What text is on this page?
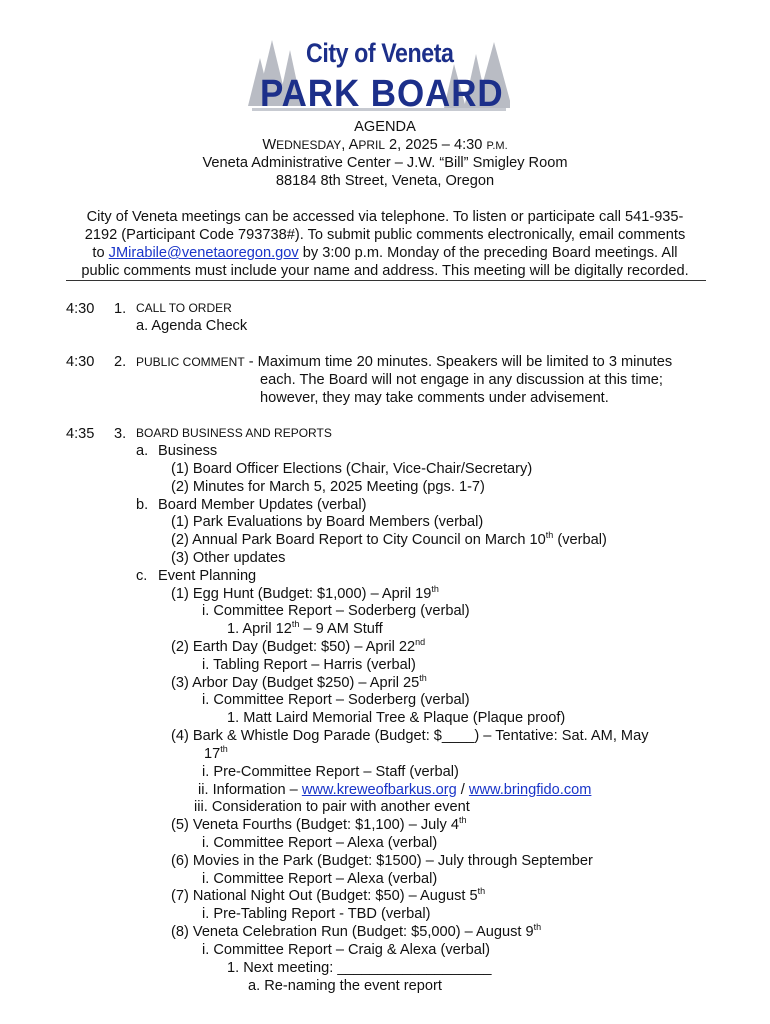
City of Veneta
PARK BOARD
AGENDA
WEDNESDAY, APRIL 2, 2025 – 4:30 P.M.
Veneta Administrative Center – J.W. “Bill” Smigley Room
88184 8th Street, Veneta, Oregon
City of Veneta meetings can be accessed via telephone. To listen or participate call 541-935-
2192 (Participant Code 793738#). To submit public comments electronically, email comments
to JMirabile@venetaoregon.gov by 3:00 p.m. Monday of the preceding Board meetings. All
public comments must include your name and address. This meeting will be digitally recorded.
4:30 1. CALL TO ORDER
a. Agenda Check
4:30 2. PUBLIC COMMENT - Maximum time 20 minutes. Speakers will be limited to 3 minutes
each. The Board will not engage in any discussion at this time;
however, they may take comments under advisement.
4:35 3. BOARD BUSINESS AND REPORTS
a. Business
(1) Board Officer Elections (Chair, Vice-Chair/Secretary)
(2) Minutes for March 5, 2025 Meeting (pgs. 1-7)
b. Board Member Updates (verbal)
(1) Park Evaluations by Board Members (verbal)
(2) Annual Park Board Report to City Council on March 10th (verbal)
(3) Other updates
c. Event Planning
(1) Egg Hunt (Budget: $1,000) – April 19th
i. Committee Report – Soderberg (verbal)
1. April 12th – 9 AM Stuff
(2) Earth Day (Budget: $50) – April 22nd
i. Tabling Report – Harris (verbal)
(3) Arbor Day (Budget $250) – April 25th
i. Committee Report – Soderberg (verbal)
1. Matt Laird Memorial Tree & Plaque (Plaque proof)
(4) Bark & Whistle Dog Parade (Budget: $____) – Tentative: Sat. AM, May
17th
i. Pre-Committee Report – Staff (verbal)
ii. Information – www.kreweofbarkus.org / www.bringfido.com
iii. Consideration to pair with another event
(5) Veneta Fourths (Budget: $1,100) – July 4th
i. Committee Report – Alexa (verbal)
(6) Movies in the Park (Budget: $1500) – July through September
i. Committee Report – Alexa (verbal)
(7) National Night Out (Budget: $50) – August 5th
i. Pre-Tabling Report - TBD (verbal)
(8) Veneta Celebration Run (Budget: $5,000) – August 9th
i. Committee Report – Craig & Alexa (verbal)
1. Next meeting: ___________________
a. Re-naming the event report
